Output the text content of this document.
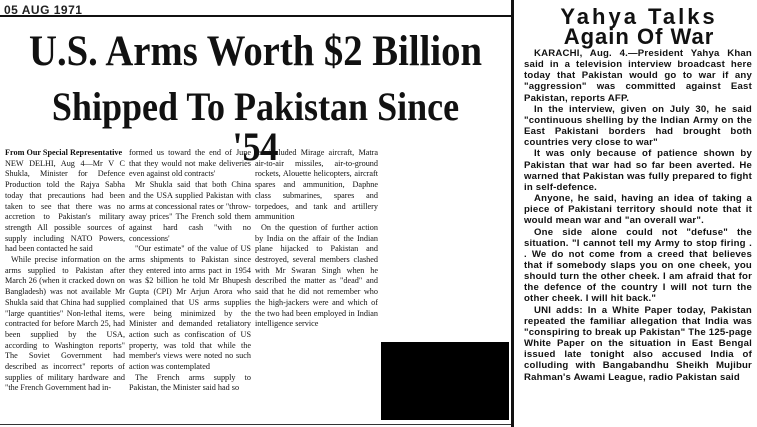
05 AUG 1971
U.S. Arms Worth $2 Billion
Shipped To Pakistan Since '54
From Our Special Representative

NEW DELHI, Aug 4—Mr V C Shukla, Minister for Defence Production told the Rajya Sabha today that precautions had been taken to see that there was no accretion to Pakistan's military strength All possible sources of supply including NATO Powers, had been contacted he said

While precise information on the arms supplied to Pakistan after March 26 (when it cracked down on Bangladesh) was not available Mr Shukla said that China had supplied "large quantities" Non-lethal items, contracted for before March 25, had been supplied by the USA, according to Washington reports" The Soviet Government had described as incorrect" reports of supplies of military hardware and "the French Government had in-

formed us toward the end of June that they would not make deliveries even against old contracts'

Mr Shukla said that both China and the USA supplied Pakistan with arms at concessional rates or "throw-away prices" The French sold them against hard cash "with no concessions'

"Our estimate" of the value of US arms shipments to Pakistan since they entered into arms pact in 1954 was $2 billion he told Mr Bhupesh Gupta (CPI) Mr Arjun Arora who complained that US arms supplies were being minimized by the Minister and demanded retaliatory action such as confiscation of US property, was told that while the member's views were noted no such action was contemplated

The French arms supply to Pakistan, the Minister said had so

far included Mirage aircraft, Matra air-to-air missiles, air-to-ground rockets, Alouette helicopters, aircraft spares and ammunition, Daphne class submarines, spares and torpedoes, and tank and artillery ammunition

On the question of further action by India on the affair of the Indian plane hijacked to Pakistan and destroyed, several members clashed with Mr Swaran Singh when he described the matter as "dead" and said that he did not remember who the high-jackers were and which of the two had been employed in Indian intelligence service

Yahya Talks
Again Of War

KARACHI, Aug. 4.—President Yahya Khan said in a television interview broadcast here today that Pakistan would go to war if any "aggression" was committed against East Pakistan, reports AFP.

In the interview, given on July 30, he said "continuous shelling by the Indian Army on the East Pakistani borders had brought both countries very close to war"

It was only because of patience shown by Pakistan that war had so far been averted. He warned that Pakistan was fully prepared to fight in self-defence.

Anyone, he said, having an idea of taking a piece of Pakistani territory should note that it would mean war and "an overall war".

One side alone could not "defuse" the situation. "I cannot tell my Army to stop firing . . We do not come from a creed that believes that if somebody slaps you on one cheek, you should turn the other cheek. I am afraid that for the defence of the country I will not turn the other cheek. I will hit back."

UNI adds: In a White Paper today, Pakistan repeated the familiar allegation that India was "conspiring to break up Pakistan" The 125-page White Paper on the situation in East Bengal issued late tonight also accused India of colluding with Bangabandhu Sheikh Mujibur Rahman's Awami League, radio Pakistan said
